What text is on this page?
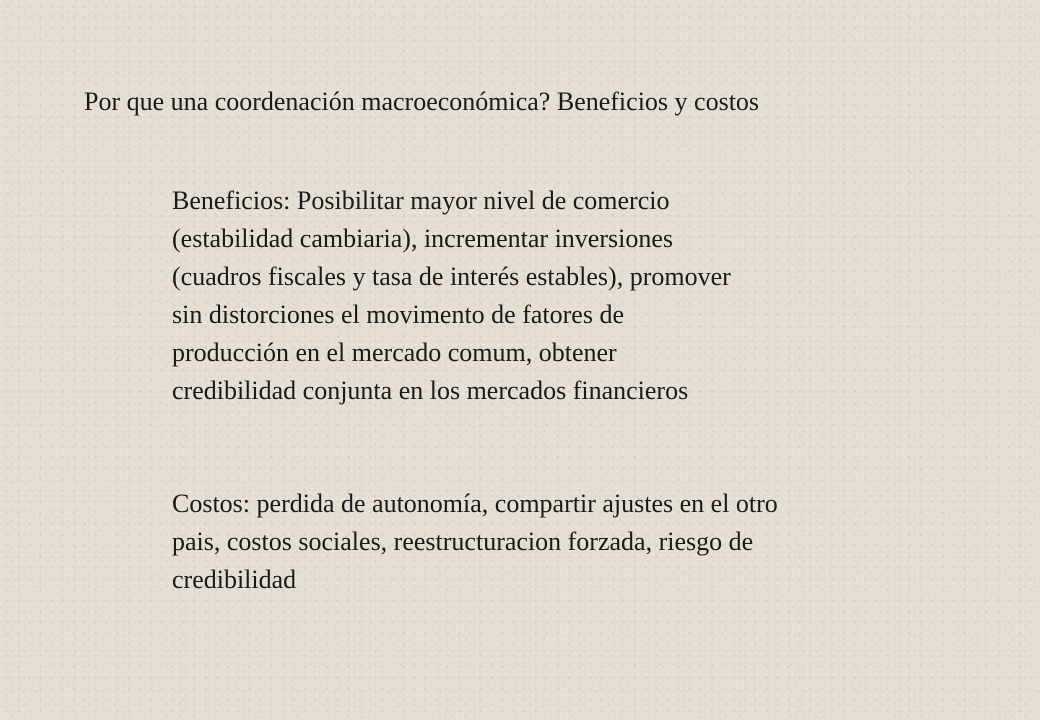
Por que una coordenación macroeconómica? Beneficios y costos
Beneficios: Posibilitar mayor nivel de comercio
(estabilidad cambiaria), incrementar inversiones
(cuadros fiscales y tasa de interés estables), promover
sin distorciones el movimento de fatores de
producción en el mercado comum, obtener
credibilidad conjunta en los mercados financieros
Costos: perdida de autonomía, compartir ajustes en el otro
pais, costos sociales, reestructuracion forzada, riesgo de
credibilidad
